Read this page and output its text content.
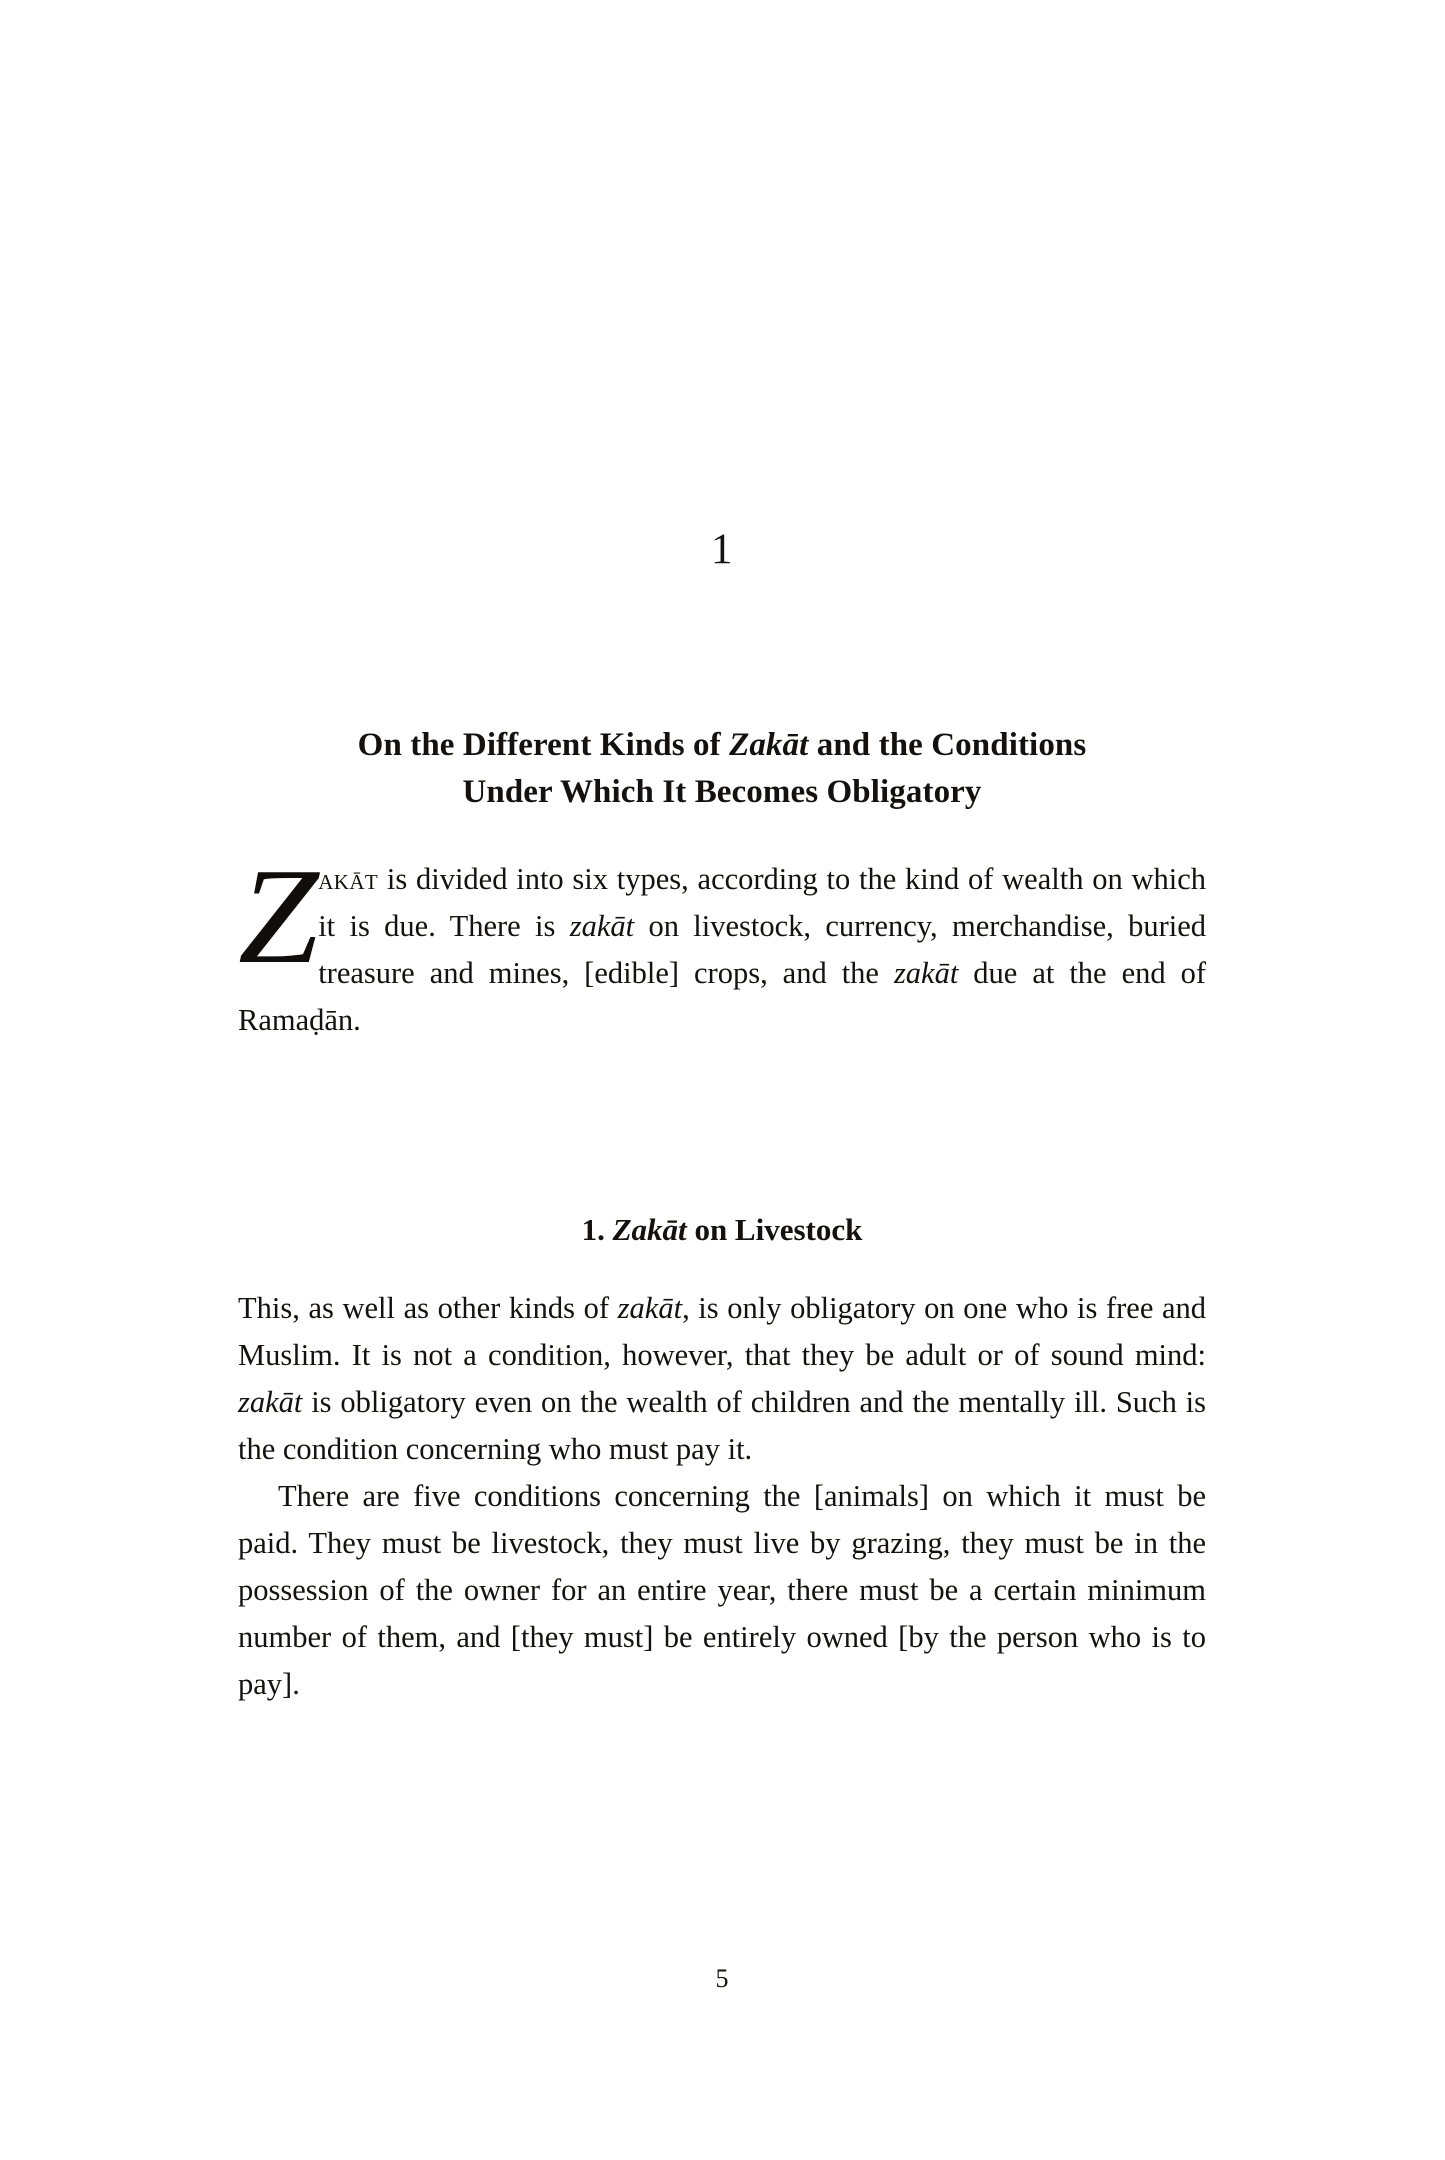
1
On the Different Kinds of Zakāt and the Conditions
Under Which It Becomes Obligatory
Zakāt is divided into six types, according to the kind of wealth on which it is due. There is zakāt on livestock, currency, merchandise, buried treasure and mines, [edible] crops, and the zakāt due at the end of Ramaḍān.
1. Zakāt on Livestock

This, as well as other kinds of zakāt, is only obligatory on one who is free and Muslim. It is not a condition, however, that they be adult or of sound mind: zakāt is obligatory even on the wealth of children and the mentally ill. Such is the condition concerning who must pay it.

There are five conditions concerning the [animals] on which it must be paid. They must be livestock, they must live by grazing, they must be in the possession of the owner for an entire year, there must be a certain minimum number of them, and [they must] be entirely owned [by the person who is to pay].

5
